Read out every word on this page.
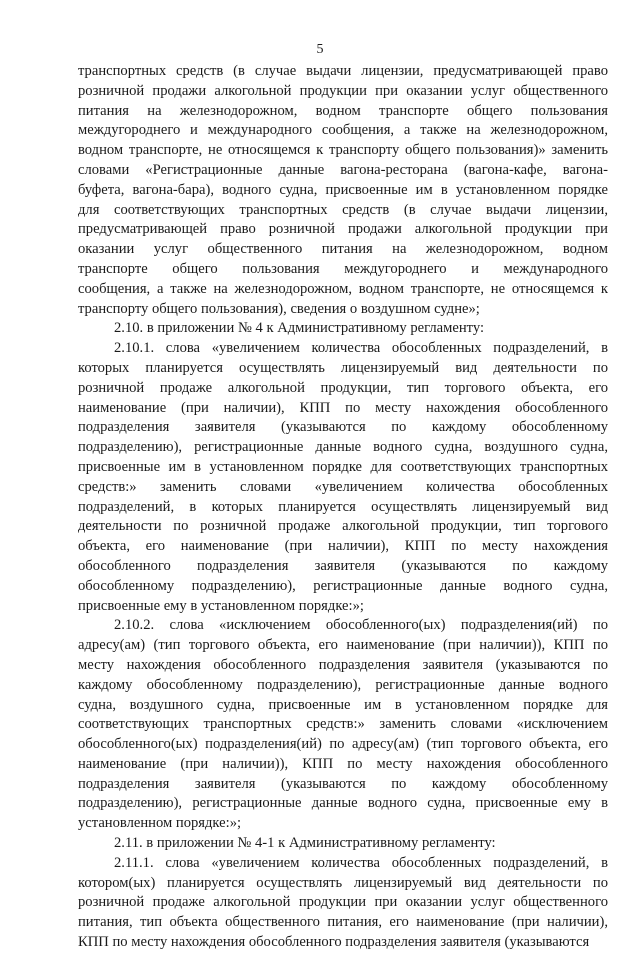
5
транспортных средств (в случае выдачи лицензии, предусматривающей право
розничной продажи алкогольной продукции при оказании услуг общественного
питания на железнодорожном, водном транспорте общего пользования
междугороднего и международного сообщения, а также на железнодорожном,
водном транспорте, не относящемся к транспорту общего пользования)» заменить
словами «Регистрационные данные вагона-ресторана (вагона-кафе, вагона-
буфета, вагона-бара), водного судна, присвоенные им в установленном порядке
для соответствующих транспортных средств (в случае выдачи лицензии,
предусматривающей право розничной продажи алкогольной продукции при
оказании услуг общественного питания на железнодорожном, водном
транспорте общего пользования междугороднего и международного
сообщения, а также на железнодорожном, водном транспорте, не относящемся к
транспорту общего пользования), сведения о воздушном судне»;
2.10. в приложении № 4 к Административному регламенту:
2.10.1. слова «увеличением количества обособленных подразделений, в
которых планируется осуществлять лицензируемый вид деятельности по
розничной продаже алкогольной продукции, тип торгового объекта, его
наименование (при наличии), КПП по месту нахождения обособленного
подразделения заявителя (указываются по каждому обособленному
подразделению), регистрационные данные водного судна, воздушного судна,
присвоенные им в установленном порядке для соответствующих транспортных
средств:» заменить словами «увеличением количества обособленных
подразделений, в которых планируется осуществлять лицензируемый вид
деятельности по розничной продаже алкогольной продукции, тип торгового
объекта, его наименование (при наличии), КПП по месту нахождения
обособленного подразделения заявителя (указываются по каждому
обособленному подразделению), регистрационные данные водного судна,
присвоенные ему в установленном порядке:»;
2.10.2. слова «исключением обособленного(ых) подразделения(ий) по
адресу(ам) (тип торгового объекта, его наименование (при наличии)), КПП по
месту нахождения обособленного подразделения заявителя (указываются по
каждому обособленному подразделению), регистрационные данные водного
судна, воздушного судна, присвоенные им в установленном порядке для
соответствующих транспортных средств:» заменить словами «исключением
обособленного(ых) подразделения(ий) по адресу(ам) (тип торгового объекта, его
наименование (при наличии)), КПП по месту нахождения обособленного
подразделения заявителя (указываются по каждому обособленному
подразделению), регистрационные данные водного судна, присвоенные ему в
установленном порядке:»;
2.11. в приложении № 4-1 к Административному регламенту:
2.11.1. слова «увеличением количества обособленных подразделений, в
котором(ых) планируется осуществлять лицензируемый вид деятельности по
розничной продаже алкогольной продукции при оказании услуг общественного
питания, тип объекта общественного питания, его наименование (при наличии),
КПП по месту нахождения обособленного подразделения заявителя (указываются
